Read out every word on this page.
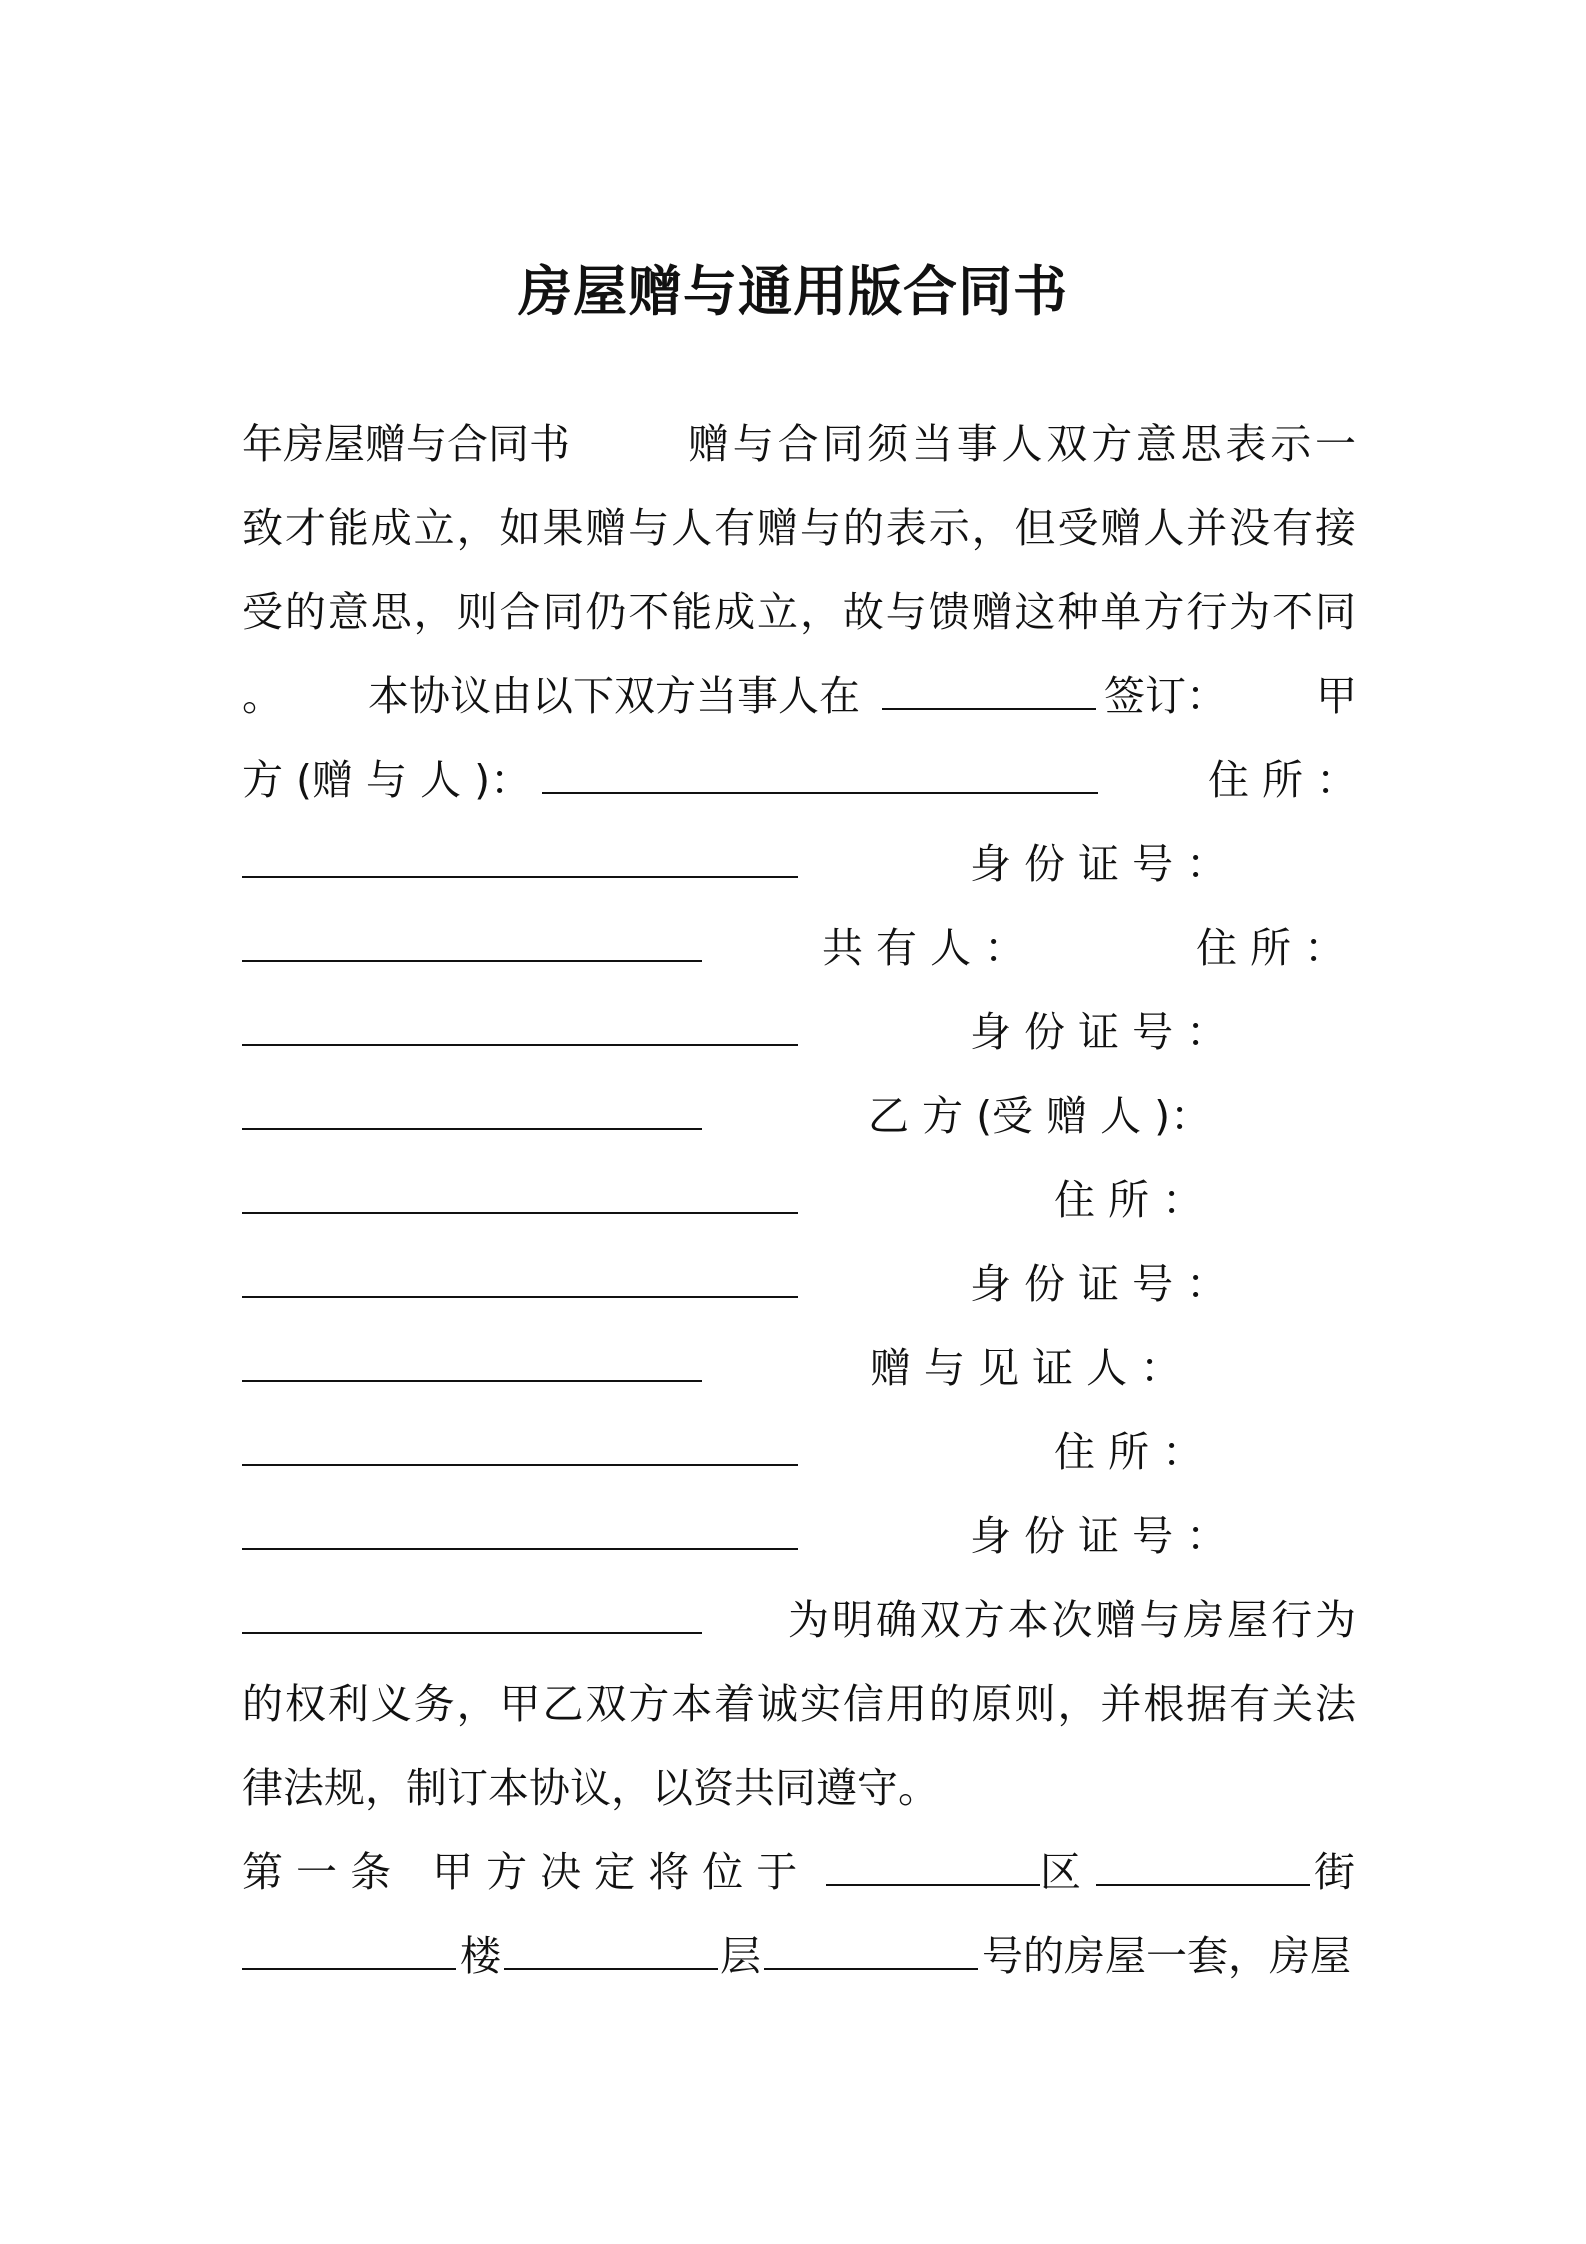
房屋赠与通用版合同书
年房屋赠与合同书	赠与合同须当事人双方意思表示一
致才能成立，如果赠与人有赠与的表示，但受赠人并没有接
受的意思，则合同仍不能成立，故与馈赠这种单方行为不同
。 本协议由以下双方当事人在	签订： 甲
方 (赠 与 人 )：	住 所 ：
身 份 证 号 ：
共 有 人 ：	住 所 ：
身 份 证 号 ：
乙 方 (受 赠 人 )：
住 所 ：
身 份 证 号 ：
赠 与 见 证 人 ：
住 所 ：
身 份 证 号 ：
为明确双方本次赠与房屋行为
的权利义务，甲乙双方本着诚实信用的原则，并根据有关法
律法规，制订本协议，以资共同遵守。
第 一 条　甲 方 决 定 将 位 于	区	街
楼	层	号的房屋一套，房屋
